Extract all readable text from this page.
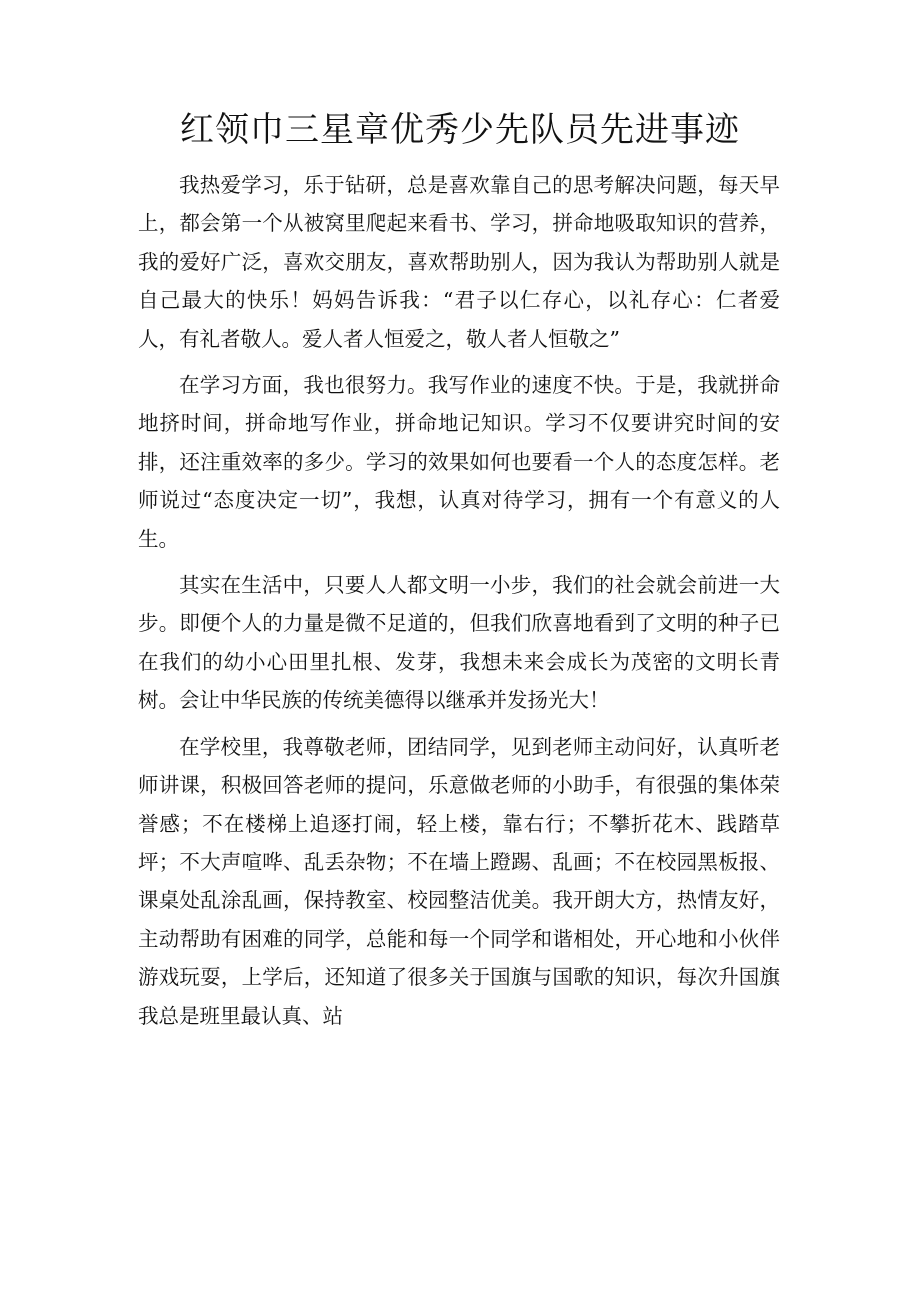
红领巾三星章优秀少先队员先进事迹

我热爱学习，乐于钻研，总是喜欢靠自己的思考解决问题，每天早上，都会第一个从被窝里爬起来看书、学习，拼命地吸取知识的营养，我的爱好广泛，喜欢交朋友，喜欢帮助别人，因为我认为帮助别人就是自己最大的快乐！妈妈告诉我：“君子以仁存心，以礼存心：仁者爱人，有礼者敬人。爱人者人恒爱之，敬人者人恒敬之”

在学习方面，我也很努力。我写作业的速度不快。于是，我就拼命地挤时间，拼命地写作业，拼命地记知识。学习不仅要讲究时间的安排，还注重效率的多少。学习的效果如何也要看一个人的态度怎样。老师说过“态度决定一切”，我想，认真对待学习，拥有一个有意义的人生。

其实在生活中，只要人人都文明一小步，我们的社会就会前进一大步。即便个人的力量是微不足道的，但我们欣喜地看到了文明的种子已在我们的幼小心田里扎根、发芽，我想未来会成长为茂密的文明长青树。会让中华民族的传统美德得以继承并发扬光大！

在学校里，我尊敬老师，团结同学，见到老师主动问好，认真听老师讲课，积极回答老师的提问，乐意做老师的小助手，有很强的集体荣誉感；不在楼梯上追逐打闹，轻上楼，靠右行；不攀折花木、践踏草坪；不大声喧哗、乱丢杂物；不在墙上蹬踢、乱画；不在校园黑板报、课桌处乱涂乱画，保持教室、校园整洁优美。我开朗大方，热情友好，主动帮助有困难的同学，总能和每一个同学和谐相处，开心地和小伙伴游戏玩耍，上学后，还知道了很多关于国旗与国歌的知识，每次升国旗我总是班里最认真、站
